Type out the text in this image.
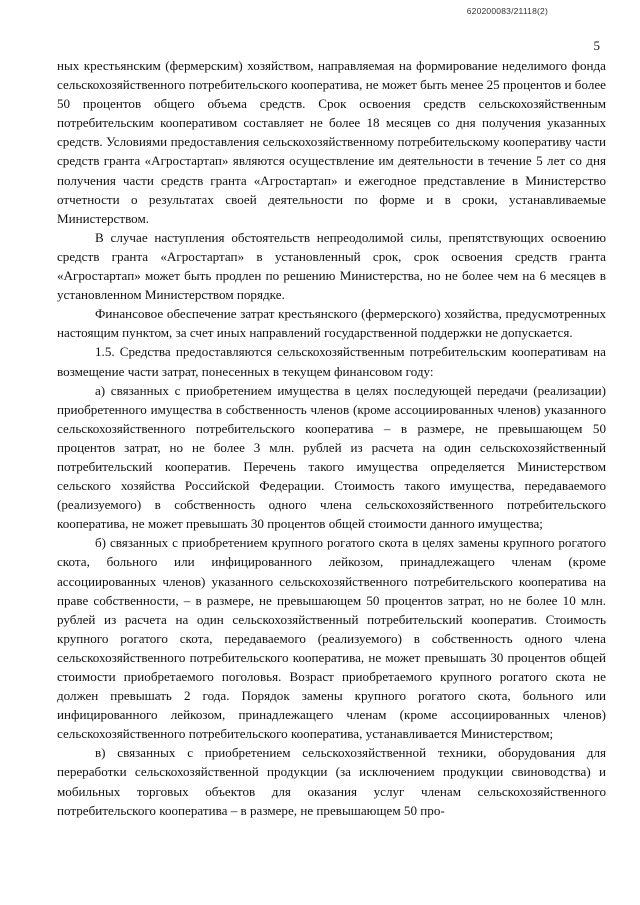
620200083/21118(2)
5

ных крестьянским (фермерским) хозяйством, направляемая на формирование неделимого фонда сельскохозяйственного потребительского кооператива, не может быть менее 25 процентов и более 50 процентов общего объема средств. Срок освоения средств сельскохозяйственным потребительским кооперативом составляет не более 18 месяцев со дня получения указанных средств. Условиями предоставления сельскохозяйственному потребительскому кооперативу части средств гранта «Агростартап» являются осуществление им деятельности в течение 5 лет со дня получения части средств гранта «Агростартап» и ежегодное представление в Министерство отчетности о результатах своей деятельности по форме и в сроки, устанавливаемые Министерством.

В случае наступления обстоятельств непреодолимой силы, препятствующих освоению средств гранта «Агростартап» в установленный срок, срок освоения средств гранта «Агростартап» может быть продлен по решению Министерства, но не более чем на 6 месяцев в установленном Министерством порядке.

Финансовое обеспечение затрат крестьянского (фермерского) хозяйства, предусмотренных настоящим пунктом, за счет иных направлений государственной поддержки не допускается.

1.5. Средства предоставляются сельскохозяйственным потребительским кооперативам на возмещение части затрат, понесенных в текущем финансовом году:

а) связанных с приобретением имущества в целях последующей передачи (реализации) приобретенного имущества в собственность членов (кроме ассоциированных членов) указанного сельскохозяйственного потребительского кооператива – в размере, не превышающем 50 процентов затрат, но не более 3 млн. рублей из расчета на один сельскохозяйственный потребительский кооператив. Перечень такого имущества определяется Министерством сельского хозяйства Российской Федерации. Стоимость такого имущества, передаваемого (реализуемого) в собственность одного члена сельскохозяйственного потребительского кооператива, не может превышать 30 процентов общей стоимости данного имущества;

б) связанных с приобретением крупного рогатого скота в целях замены крупного рогатого скота, больного или инфицированного лейкозом, принадлежащего членам (кроме ассоциированных членов) указанного сельскохозяйственного потребительского кооператива на праве собственности, – в размере, не превышающем 50 процентов затрат, но не более 10 млн. рублей из расчета на один сельскохозяйственный потребительский кооператив. Стоимость крупного рогатого скота, передаваемого (реализуемого) в собственность одного члена сельскохозяйственного потребительского кооператива, не может превышать 30 процентов общей стоимости приобретаемого поголовья. Возраст приобретаемого крупного рогатого скота не должен превышать 2 года. Порядок замены крупного рогатого скота, больного или инфицированного лейкозом, принадлежащего членам (кроме ассоциированных членов) сельскохозяйственного потребительского кооператива, устанавливается Министерством;

в) связанных с приобретением сельскохозяйственной техники, оборудования для переработки сельскохозяйственной продукции (за исключением продукции свиноводства) и мобильных торговых объектов для оказания услуг членам сельскохозяйственного потребительского кооператива – в размере, не превышающем 50 про-
